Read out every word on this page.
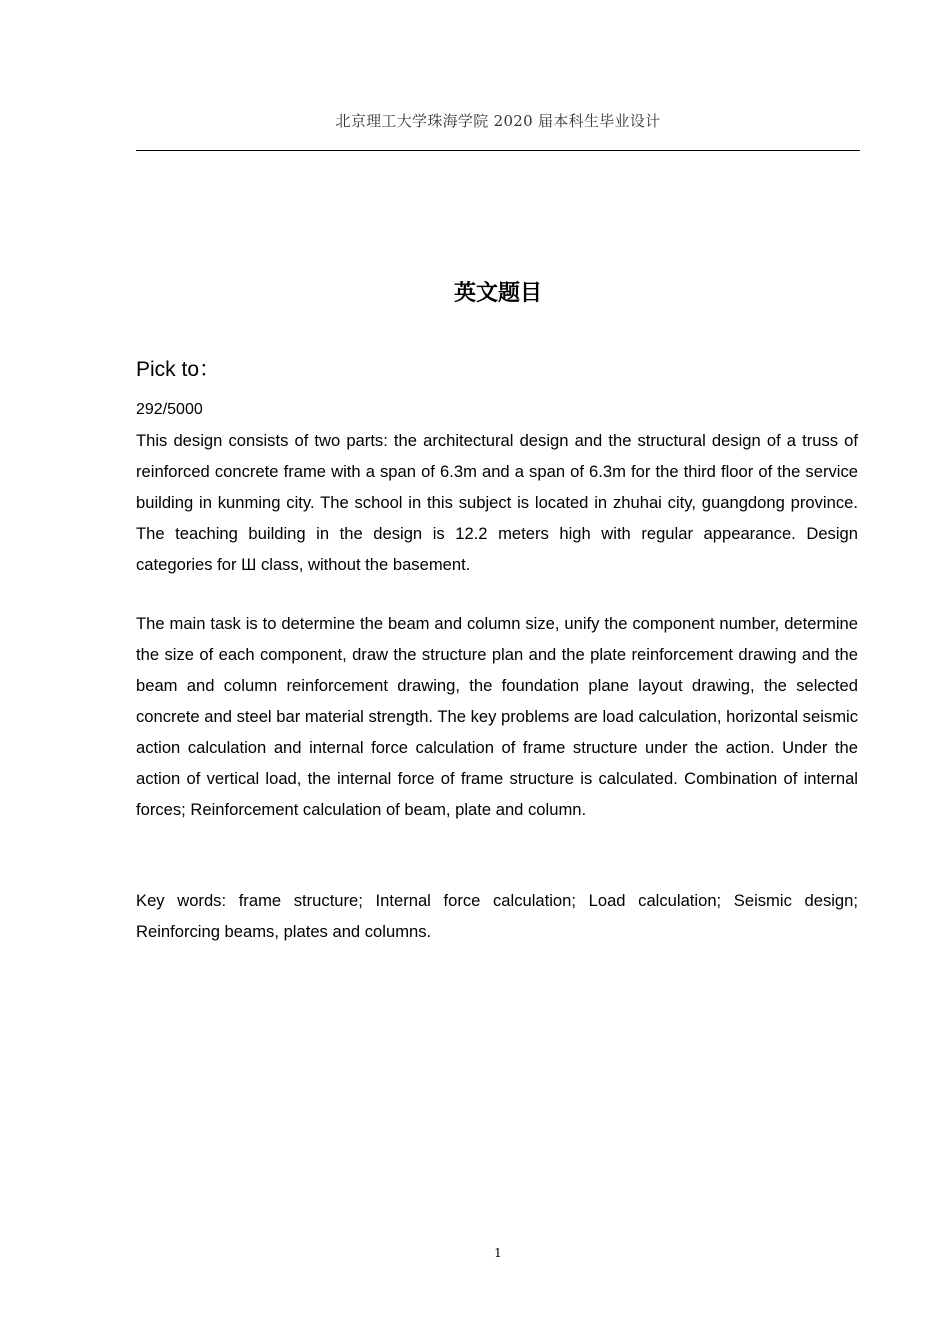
北京理工大学珠海学院 2020 届本科生毕业设计
英文题目
Pick to：
292/5000
This design consists of two parts: the architectural design and the structural design of a truss of reinforced concrete frame with a span of 6.3m and a span of 6.3m for the third floor of the service building in kunming city. The school in this subject is located in zhuhai city, guangdong province. The teaching building in the design is 12.2 meters high with regular appearance. Design categories for Ш class, without the basement.
The main task is to determine the beam and column size, unify the component number, determine the size of each component, draw the structure plan and the plate reinforcement drawing and the beam and column reinforcement drawing, the foundation plane layout drawing, the selected concrete and steel bar material strength. The key problems are load calculation, horizontal seismic action calculation and internal force calculation of frame structure under the action. Under the action of vertical load, the internal force of frame structure is calculated. Combination of internal forces; Reinforcement calculation of beam, plate and column.
Key words: frame structure; Internal force calculation; Load calculation; Seismic design; Reinforcing beams, plates and columns.
1
